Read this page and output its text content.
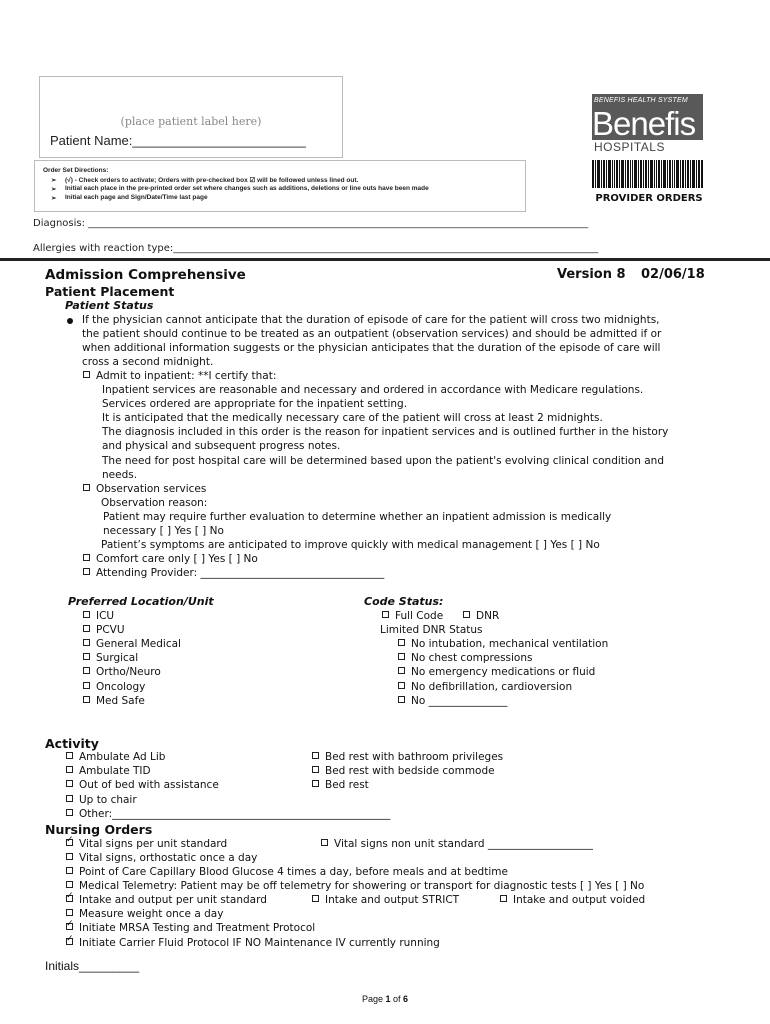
(place patient label here)
Patient Name:________________________
Order Set Directions:
➢ (√) - Check orders to activate; Orders with pre-checked box ☑ will be followed unless lined out.
➢ Initial each place in the pre-printed order set where changes such as additions, deletions or line outs have been made
➢ Initial each page and Sign/Date/Time last page
BENEFIS HEALTH SYSTEM
Benefis
HOSPITALS
PROVIDER ORDERS
Diagnosis: ____________________________________________________________________________________________________
Allergies with reaction type:_____________________________________________________________________________________
Admission Comprehensive	Version 8 02/06/18
Patient Placement
Patient Status
If the physician cannot anticipate that the duration of episode of care for the patient will cross two midnights,
the patient should continue to be treated as an outpatient (observation services) and should be admitted if or
when additional information suggests or the physician anticipates that the duration of the episode of care will
cross a second midnight.
Admit to inpatient: **I certify that:
Inpatient services are reasonable and necessary and ordered in accordance with Medicare regulations.
Services ordered are appropriate for the inpatient setting.
It is anticipated that the medically necessary care of the patient will cross at least 2 midnights.
The diagnosis included in this order is the reason for inpatient services and is outlined further in the history
and physical and subsequent progress notes.
The need for post hospital care will be determined based upon the patient's evolving clinical condition and
needs.
Observation services
Observation reason:
Patient may require further evaluation to determine whether an inpatient admission is medically
necessary [ ] Yes [ ] No
Patient’s symptoms are anticipated to improve quickly with medical management [ ] Yes [ ] No
Comfort care only [ ] Yes [ ] No
Attending Provider: ___________________________________
Preferred Location/Unit
ICU
PCVU
General Medical
Surgical
Ortho/Neuro
Oncology
Med Safe
Code Status:
Full Code	DNR
Limited DNR Status
No intubation, mechanical ventilation
No chest compressions
No emergency medications or fluid
No defibrillation, cardioversion
No _______________
Activity
Ambulate Ad Lib
Ambulate TID
Out of bed with assistance
Up to chair
Other:_____________________________________________________
Bed rest with bathroom privileges
Bed rest with bedside commode
Bed rest
Nursing Orders
✓Vital signs per unit standard	Vital signs non unit standard ____________________
Vital signs, orthostatic once a day
Point of Care Capillary Blood Glucose 4 times a day, before meals and at bedtime
Medical Telemetry: Patient may be off telemetry for showering or transport for diagnostic tests [ ] Yes [ ] No
✓Intake and output per unit standard	Intake and output STRICT	Intake and output voided
Measure weight once a day
✓Initiate MRSA Testing and Treatment Protocol
✓Initiate Carrier Fluid Protocol IF NO Maintenance IV currently running
Initials_________
Page 1 of 6
